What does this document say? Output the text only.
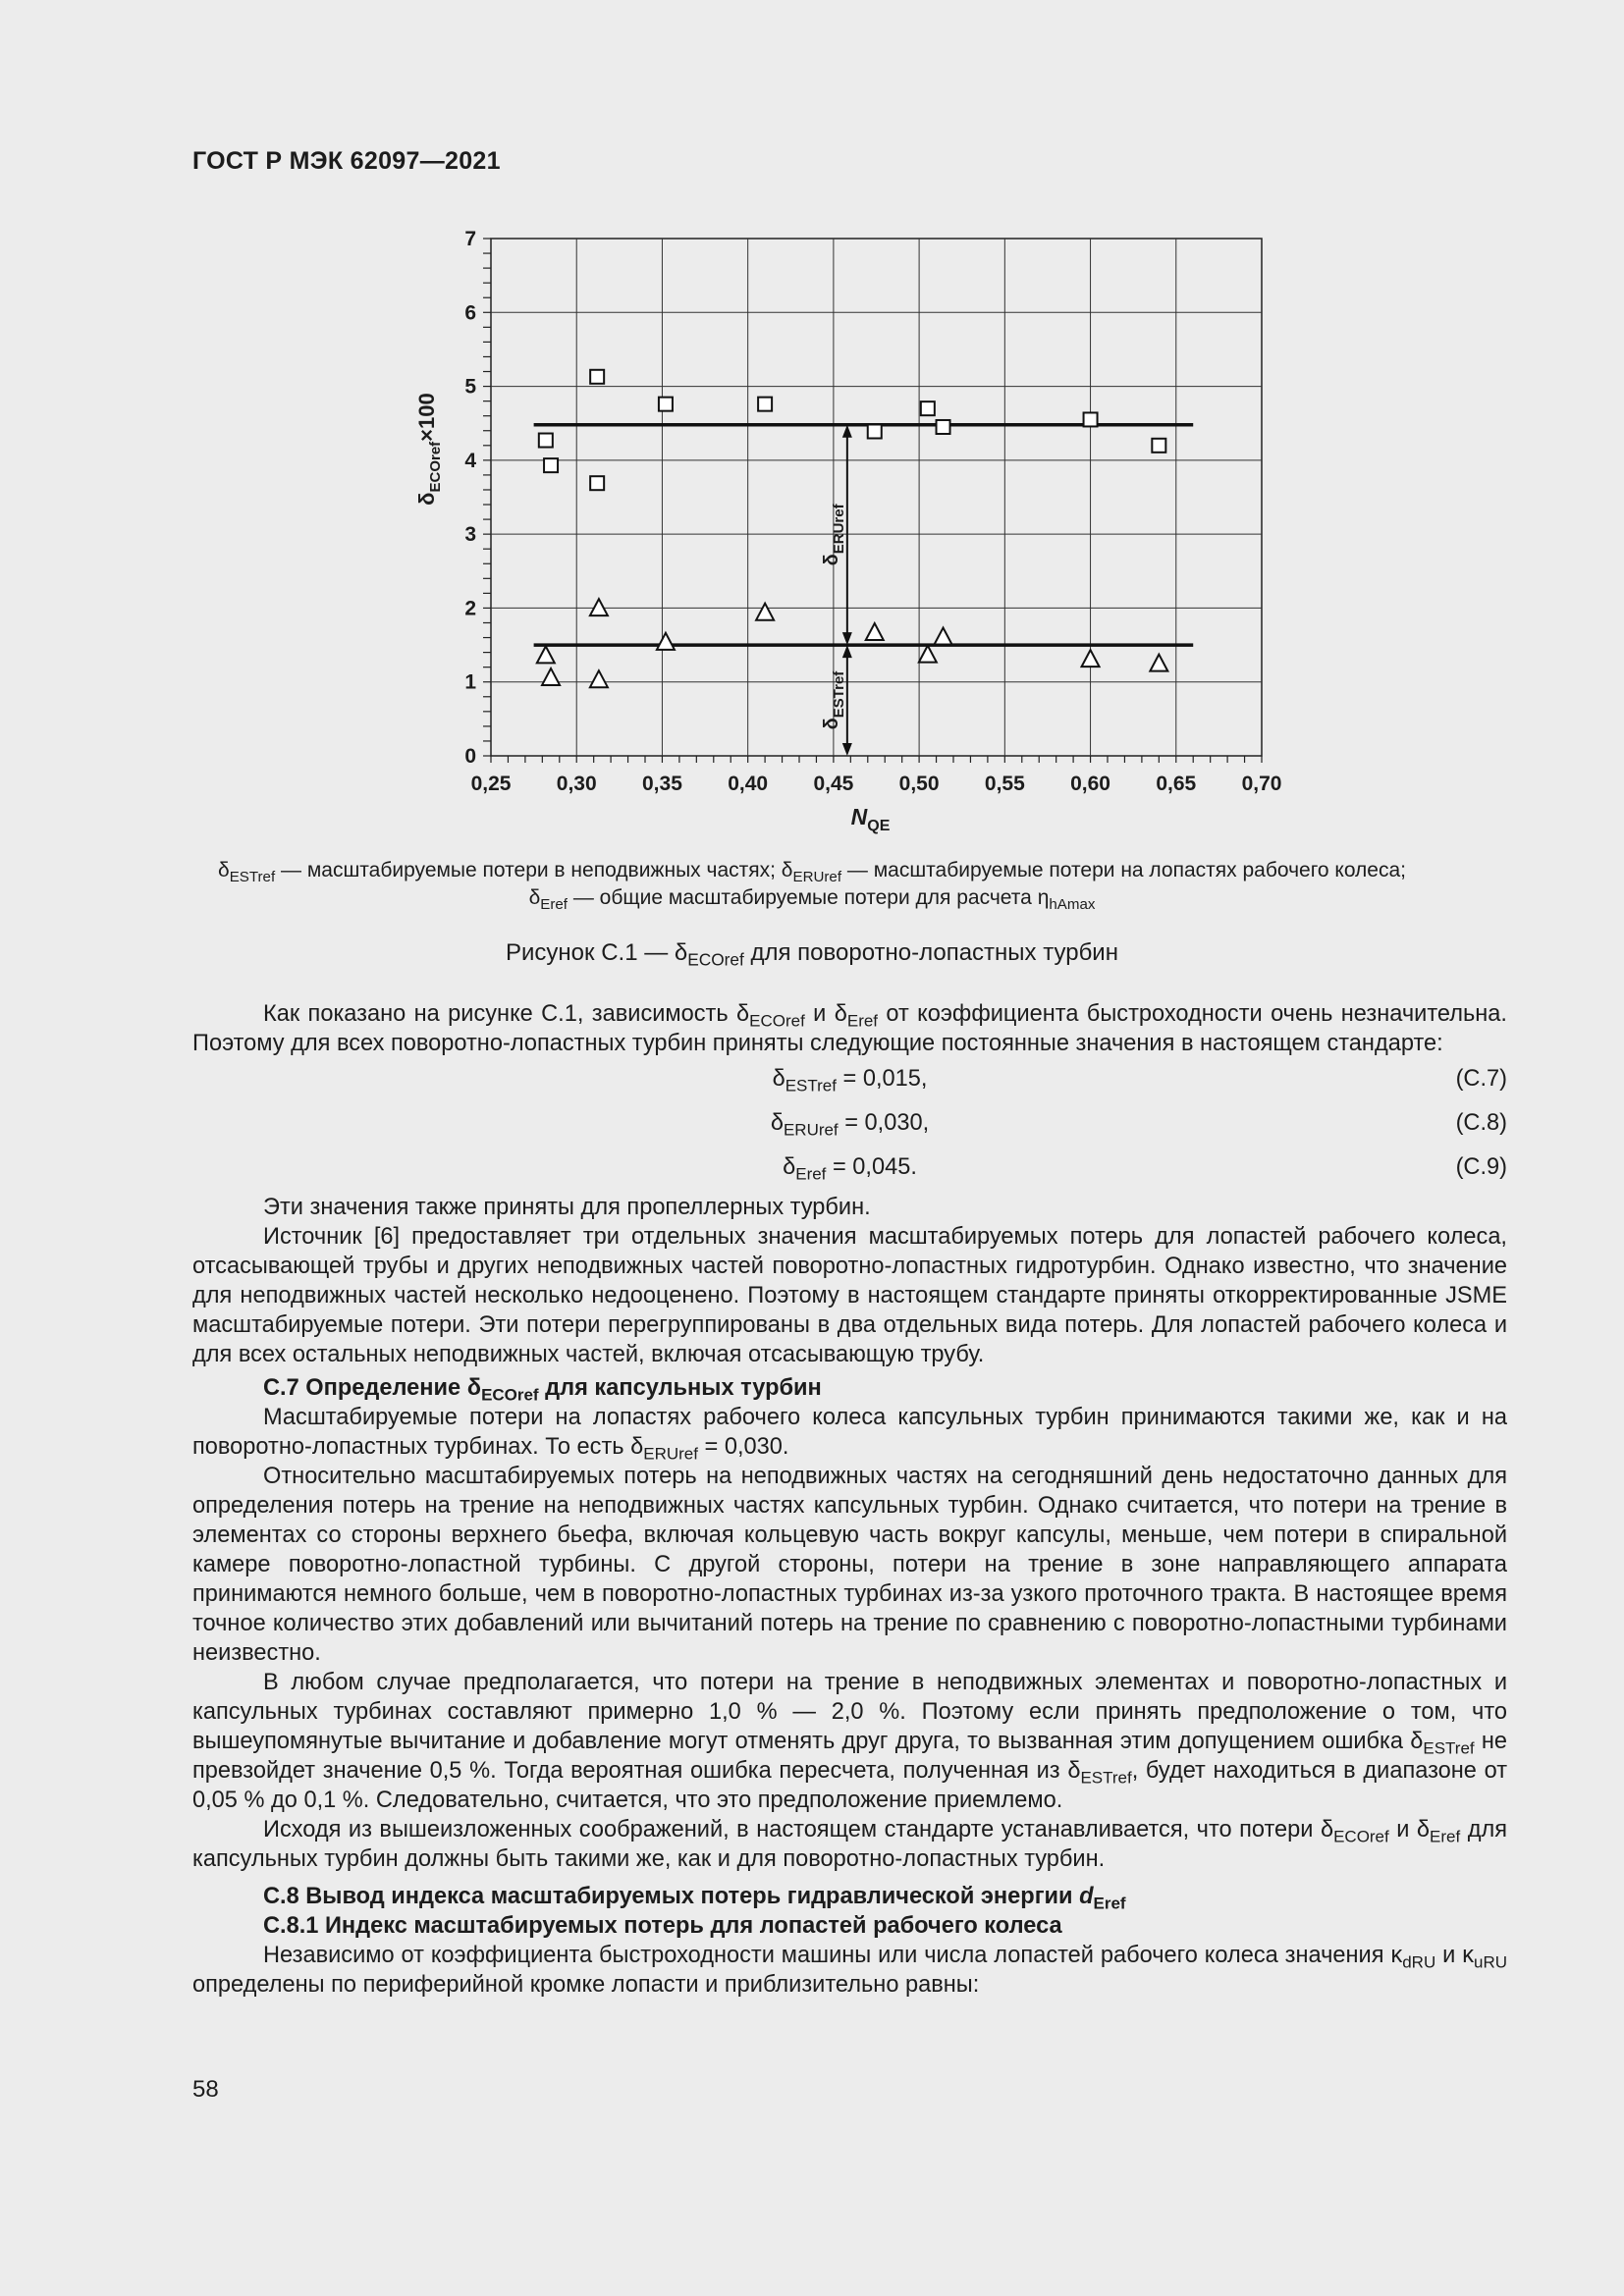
ГОСТ Р МЭК 62097—2021
0,25 0,30 0,35 0,40 0,45 0,50 0,55 0,60 0,65 0,70
0
1
2
3
4
5
6
7
$N_{QE}$
$\delta_{ECOref}\times 100$
$\delta_{ERUref}$
$\delta_{ESTref}$
$\delta_{ESTref}$ — масштабируемые потери в неподвижных частях; $\delta_{ERUref}$ — масштабируемые потери на лопастях рабочего колеса;
$\delta_{Eref}$ — общие масштабируемые потери для расчета $\eta_{hAmax}$
Рисунок С.1 — $\delta_{ECOref}$ для поворотно-лопастных турбин

Как показано на рисунке С.1, зависимость $\delta_{ECOref}$ и $\delta_{Eref}$ от коэффициента быстроходности очень незначительна. Поэтому для всех поворотно-лопастных турбин приняты следующие постоянные значения в настоящем стандарте:

$\delta_{ESTref} = 0,015$,	(С.7)
$\delta_{ERUref} = 0,030$,	(С.8)
$\delta_{Eref} = 0,045$.	(С.9)

Эти значения также приняты для пропеллерных турбин.

Источник [6] предоставляет три отдельных значения масштабируемых потерь для лопастей рабочего колеса, отсасывающей трубы и других неподвижных частей поворотно-лопастных гидротурбин. Однако известно, что значение для неподвижных частей несколько недооценено. Поэтому в настоящем стандарте приняты откорректированные JSME масштабируемые потери. Эти потери перегруппированы в два отдельных вида потерь. Для лопастей рабочего колеса и для всех остальных неподвижных частей, включая отсасывающую трубу.

С.7 Определение $\delta_{ECOref}$ для капсульных турбин

Масштабируемые потери на лопастях рабочего колеса капсульных турбин принимаются такими же, как и на поворотно-лопастных турбинах. То есть $\delta_{ERUref} = 0,030$.

Относительно масштабируемых потерь на неподвижных частях на сегодняшний день недостаточно данных для определения потерь на трение на неподвижных частях капсульных турбин. Однако считается, что потери на трение в элементах со стороны верхнего бьефа, включая кольцевую часть вокруг капсулы, меньше, чем потери в спиральной камере поворотно-лопастной турбины. С другой стороны, потери на трение в зоне направляющего аппарата принимаются немного больше, чем в поворотно-лопастных турбинах из-за узкого проточного тракта. В настоящее время точное количество этих добавлений или вычитаний потерь на трение по сравнению с поворотно-лопастными турбинами неизвестно.

В любом случае предполагается, что потери на трение в неподвижных элементах и поворотно-лопастных и капсульных турбинах составляют примерно 1,0 % — 2,0 %. Поэтому если принять предположение о том, что вышеупомянутые вычитание и добавление могут отменять друг друга, то вызванная этим допущением ошибка $\delta_{ESTref}$ не превзойдет значение 0,5 %. Тогда вероятная ошибка пересчета, полученная из $\delta_{ESTref}$, будет находиться в диапазоне от 0,05 % до 0,1 %. Следовательно, считается, что это предположение приемлемо.

Исходя из вышеизложенных соображений, в настоящем стандарте устанавливается, что потери $\delta_{ECOref}$ и $\delta_{Eref}$ для капсульных турбин должны быть такими же, как и для поворотно-лопастных турбин.

С.8 Вывод индекса масштабируемых потерь гидравлической энергии $d_{Eref}$
С.8.1 Индекс масштабируемых потерь для лопастей рабочего колеса

Независимо от коэффициента быстроходности машины или числа лопастей рабочего колеса значения $\kappa_{dRU}$ и $\kappa_{uRU}$ определены по периферийной кромке лопасти и приблизительно равны:

58
